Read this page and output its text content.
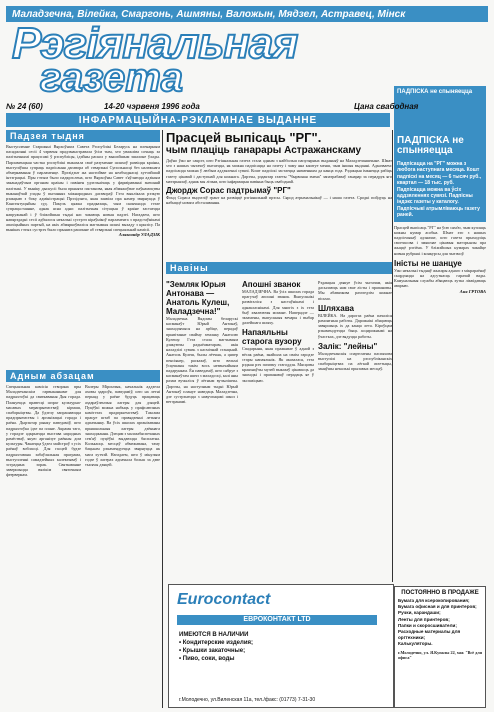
Маладзечна, Вілейка, Смаргонь, Ашмяны, Валожын, Мядзел, Астравец, Мінск
Рэгіянальная
газета	ПАДПІСКА не спыняецца
№ 24 (60)	14-20 чэрвеня 1996 года	Цана свабодная
ІНФАРМАЦЫЙНА-РЭКЛАМНАЕ ВЫДАННЕ
Падзея тыдня
Выступленне Старшыні Вярхоўнага Савета Рэспублікі Беларусь на пленарным пасяджэнні сесіі 4 чэрвеня прадэманстравала ўсім тым, хто уважліва сочыць за палітычнымі працэсамі ў рэспубліцы, ідэйны раскол у вышэйшым эшалоне ўлады. Парламенцкая частка рэспублікі выказала сваё разуменне шляхоў развіцця краіны, выступіўшы супраць падпісання дагавора аб стварэнні Супольнасці без належнага абмеркавання ў парламенце. Прэзідэнт жа настойвае на неабходнасці хутчэйшай інтэграцыі. Пры гэтым было падкрэслена, што Вярхоўны Савет з'яўляецца адзіным заканадаўчым органам краіны і павінен удзельнічаць у фарміраванні знешняй палітыкі. У выніку дыскусіі была прынята пастанова, якая абмяжоўвае паўнамоцтвы выканаўчай улады ў пытаннях міжнародных дагавораў. Гэта выклікала рэзкую рэакцыю з боку адміністрацыі Прэзідэнта, якая заявіла пра намер звярнуцца ў Канстытуцыйны суд. Пакуль цяжка прадказаць, чым скончыцца гэтае супрацьстаянне, аднак ясна адно: палітычная сітуацыя ў краіне застаецца напружанай і ў бліжэйшыя тыдні нас чакаюць новыя падзеі. Нагадаем, што напярэдадні сесіі адбылося некалькі сустрэч кіраўнікоў парламента з прадстаўнікамі апазіцыйных партый, на якіх абмяркоўваліся магчымыя шляхі выхаду з крызісу. Па выніках гэтых сустрэч было прынята рашэнне аб стварэнні спецыяльнай камісіі.
Аляксандр УЛАДЗІК
Адным абзацам
Спецыяльная камісія створана пры Маладзечанскім гарвыканкаме для падрыхтоўкі да святкавання Дня горада. Плануецца правесці шэраг культурна-масавых мерапрыемстваў, кірмаш, спаборніцтвы. Да ўдзелу запрашаюцца прадпрыемствы і арганізацыі горада і раёна. Дырэктар рынку паведаміў, што падрыхтоўка ідзе па плане. Акрамя таго, у горадзе адкрыецца выстава народных рамёстваў, якую арганізуе раённы дом культуры. Чакаецца ўдзел майстроў з усіх раёнаў вобласці. Для гасцей будзе падрыхтавана забаўляльная праграма, выступленні самадзейных калектываў і эстрадных зорак. Святкаванне завершыцца вялікім святочным феерверкам.
Валеры Мірончык, начальнік аддзела аховы здароўя, паведаміў, што на летні перыяд у раёне будуць працаваць аздараўленчыя лагеры для дзяцей. Пуцёўкі можна набыць у прафсаюзных камітэтах прадпрыемстваў. Таксама працуе штаб па правядзенні летняга адпачынку. Ва ўсіх школах арганізаваны прышкольныя лагеры дзённага знаходжання. Дзецям з малазабяспечаных сем'яў пуцёўкі выдаюцца бясплатна. Колькасць месцаў абмежавана, таму бацькам рэкамендуецца звярнуцца як мага хутчэй. Нагадаем, што ў мінулым годзе ў лагерах адпачыла больш за дзве тысячы дзяцей.
Прасцей выпісаць "РГ".
чым плаціць ганарары Астражанскаму
Даўно ўжо не сакрэт, што Рэгіянальная газета стала адным з найбольш папулярных выданняў на Маладзечаншчыне. Шмат хто з нашых чытачоў пытаецца, як можна падпісацца на газету і чаму яна каштуе менш, чым іншыя выданні. Адказваем: падпісацца можна ў любым аддзяленні сувязі. Кошт падпіскі застаецца нязменным да канца года. Рэдакцыя імкнецца рабіць газету цікавай і даступнай для кожнага. Дарэчы, рэдактар газеты "Чырвоная змена" запатрабаваў ганарар за перадрук яго матэрыялаў, аднак мы лічым, што інфармацыя павінна быць свабоднай.
Джордж Сорас падтрымаў "РГ"
Фонд Сораса выдзеліў грант на развіццё рэгіянальнай прэсы. Сярод атрымальнікаў — і наша газета. Сродкі пойдуць на набыццё новага абсталявання.
Навіны
"Земляк Юрыя Антонава — Анатоль Кулеш, Маладзечна!"
Маладзечна. Вядомы беларускі касманаўт Юрый Антонаў, знаходзячыся на арбіце, перадаў прывітанне свайму земляку Анатолю Кулешу. Гэта стала магчымым дзякуючы радыёаматарам, якія наладзілі сувязь з касмічнай станцыяй. Анатоль Кулеш, былы лётчык, а цяпер пенсіянер, расказаў, што вельмі ўсцешаны такім вось незвычайным падарункам. Ён паведаміў, што сябруе з касманаўтам яшчэ з маладосці, калі яны разам вучыліся ў лётным вучылішчы. Дарэчы, на наступным тыдні Юрый Антонаў плануе наведаць Маладзечна, дзе сустрэнецца з навучэнцамі школ і ветэранамі.
Апошні званок
МАЛАДЗЕЧНА. Ва ўсіх школах горада прагучаў апошні званок. Выпускнікі развіталіся з настаўнікамі і аднакласнікамі. Для многіх з іх гэта быў хвалюючы момант. Наперадзе — экзамены, выпускныя вечары і выбар далейшага шляху.
Напаяльны старога вузору
Спадарыня, якая пражывае ў адной з вёсак раёна, знайшла на сваім гародзе стары напаяльнік. Як аказалася, гэта рэдкая рэч пачатку стагоддзя. Мясцовы краязнаўчы музей выказаў цікавасць да знаходкі і прапанаваў перадаць яе ў экспазіцыю.
Рэдакцыя дзякуе ўсім чытачам, якія дасылаюць нам свае лісты і прапановы. Мы абавязкова разгледзім кожнае пісьмо.
Шляхава
ВІЛЕЙКА. На дарогах раёна пачаліся рамонтныя работы. Дарожнікі абяцаюць завяршыць іх да канца лета. Кіроўцам рэкамендуецца быць асцярожнымі на ўчастках, дзе вядуцца работы.
Залік: "лейны"
Маладзечанскія спартсмены паспяхова выступілі на рэспубліканскіх спаборніцтвах па лёгкай атлетыцы, заняўшы некалькі прызавых месцаў.
ПАДПІСКА не спыняецца
Падпісацца на "РГ" можна з любога наступнага месяца. Кошт падпіскі на месяц — 6 тысяч руб., квартал — 18 тыс. руб. Падпісацца можна ва ўсіх аддзяленнях сувязі. Падпісны індэкс газеты у каталогу. Падпісчыкі атрымліваюць газету раней.
Прасцей выпісаць "РГ" на ўсю сям'ю, чым купляць кожны нумар асобна. Шмат хто з нашых падпісчыкаў адзначае, што газета прыходзіць своечасова і змяшчае цікавыя матэрыялы пра жыццё рэгіёна. У бліжэйшых нумарах чакайце новыя рубрыкі і конкурсы для чытачоў.
Іністы не шанцуе
Ужо некалькі тыдняў жыхары аднаго з мікрараёнаў скардзяцца на адсутнасць гарачай вады. Камунальныя службы абяцаюць хутка ліквідаваць аварыю.
Аня ГРТОВА
Eurocontact
ЕВРОКОНТАКТ LTD
ИМЕЮТСЯ В НАЛИЧИИ
• Кондитерские изделия;
• Крышки закаточные;
• Пиво, соки, воды
г.Молодечно, ул.Виленская 11а, тел./факс: (01773) 7-31-30
ПОСТОЯННО В ПРОДАЖЕ
Бумага для ксерокопирования;
Бумага офисная и для принтеров;
Ручки, карандаши;
Ленты для принтеров;
Папки и скоросшиватели;
Расходные материалы для оргтехники;
Калькуляторы.
г.Молодечно, ул. Я.Купалы 22, маг. "Всё для офиса"
